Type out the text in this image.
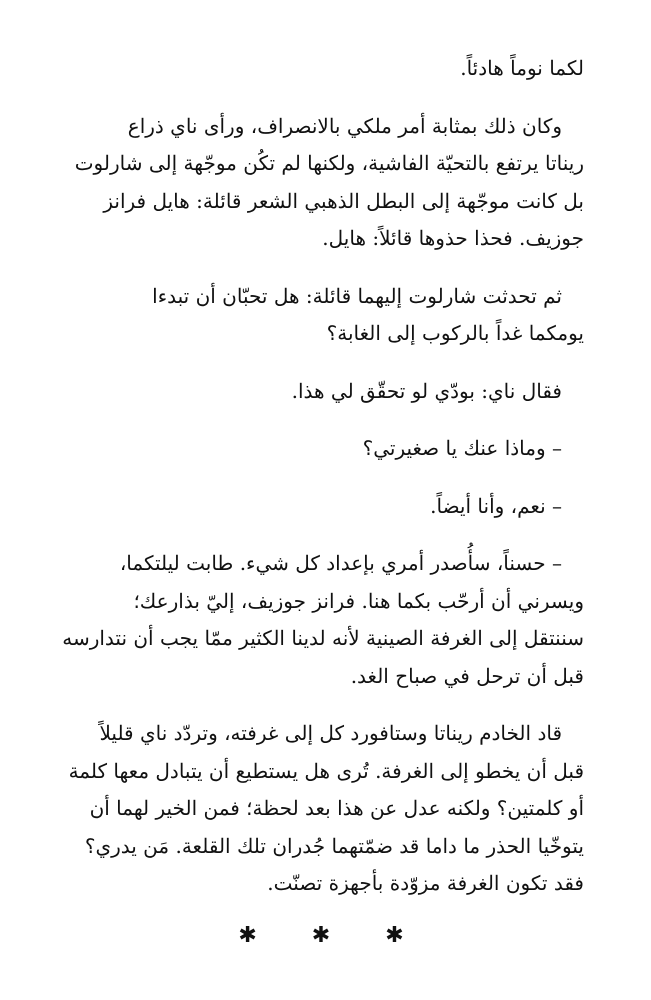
لكما نوماً هادئاً.
وكان ذلك بمثابة أمر ملكي بالانصراف، ورأى ناي ذراع
ريناتا يرتفع بالتحيّة الفاشية، ولكنها لم تكُن موجّهة إلى شارلوت
بل كانت موجّهة إلى البطل الذهبي الشعر قائلة: هايل فرانز
جوزيف. فحذا حذوها قائلاً: هايل.
ثم تحدثت شارلوت إليهما قائلة: هل تحبّان أن تبدءا
يومكما غداً بالركوب إلى الغابة؟
فقال ناي: بودّي لو تحقّق لي هذا.
– وماذا عنك يا صغيرتي؟
– نعم، وأنا أيضاً.
– حسناً، سأُصدر أمري بإعداد كل شيء. طابت ليلتكما،
ويسرني أن أرحّب بكما هنا. فرانز جوزيف، إليّ بذارعك؛
سننتقل إلى الغرفة الصينية لأنه لدينا الكثير ممّا يجب أن نتدارسه
قبل أن ترحل في صباح الغد.
قاد الخادم ريناتا وستافورد كل إلى غرفته، وتردّد ناي قليلاً
قبل أن يخطو إلى الغرفة. تُرى هل يستطيع أن يتبادل معها كلمة
أو كلمتين؟ ولكنه عدل عن هذا بعد لحظة؛ فمن الخير لهما أن
يتوخّيا الحذر ما داما قد ضمّتهما جُدران تلك القلعة. مَن يدري؟
فقد تكون الغرفة مزوّدة بأجهزة تصنّت.
✱ ✱ ✱
